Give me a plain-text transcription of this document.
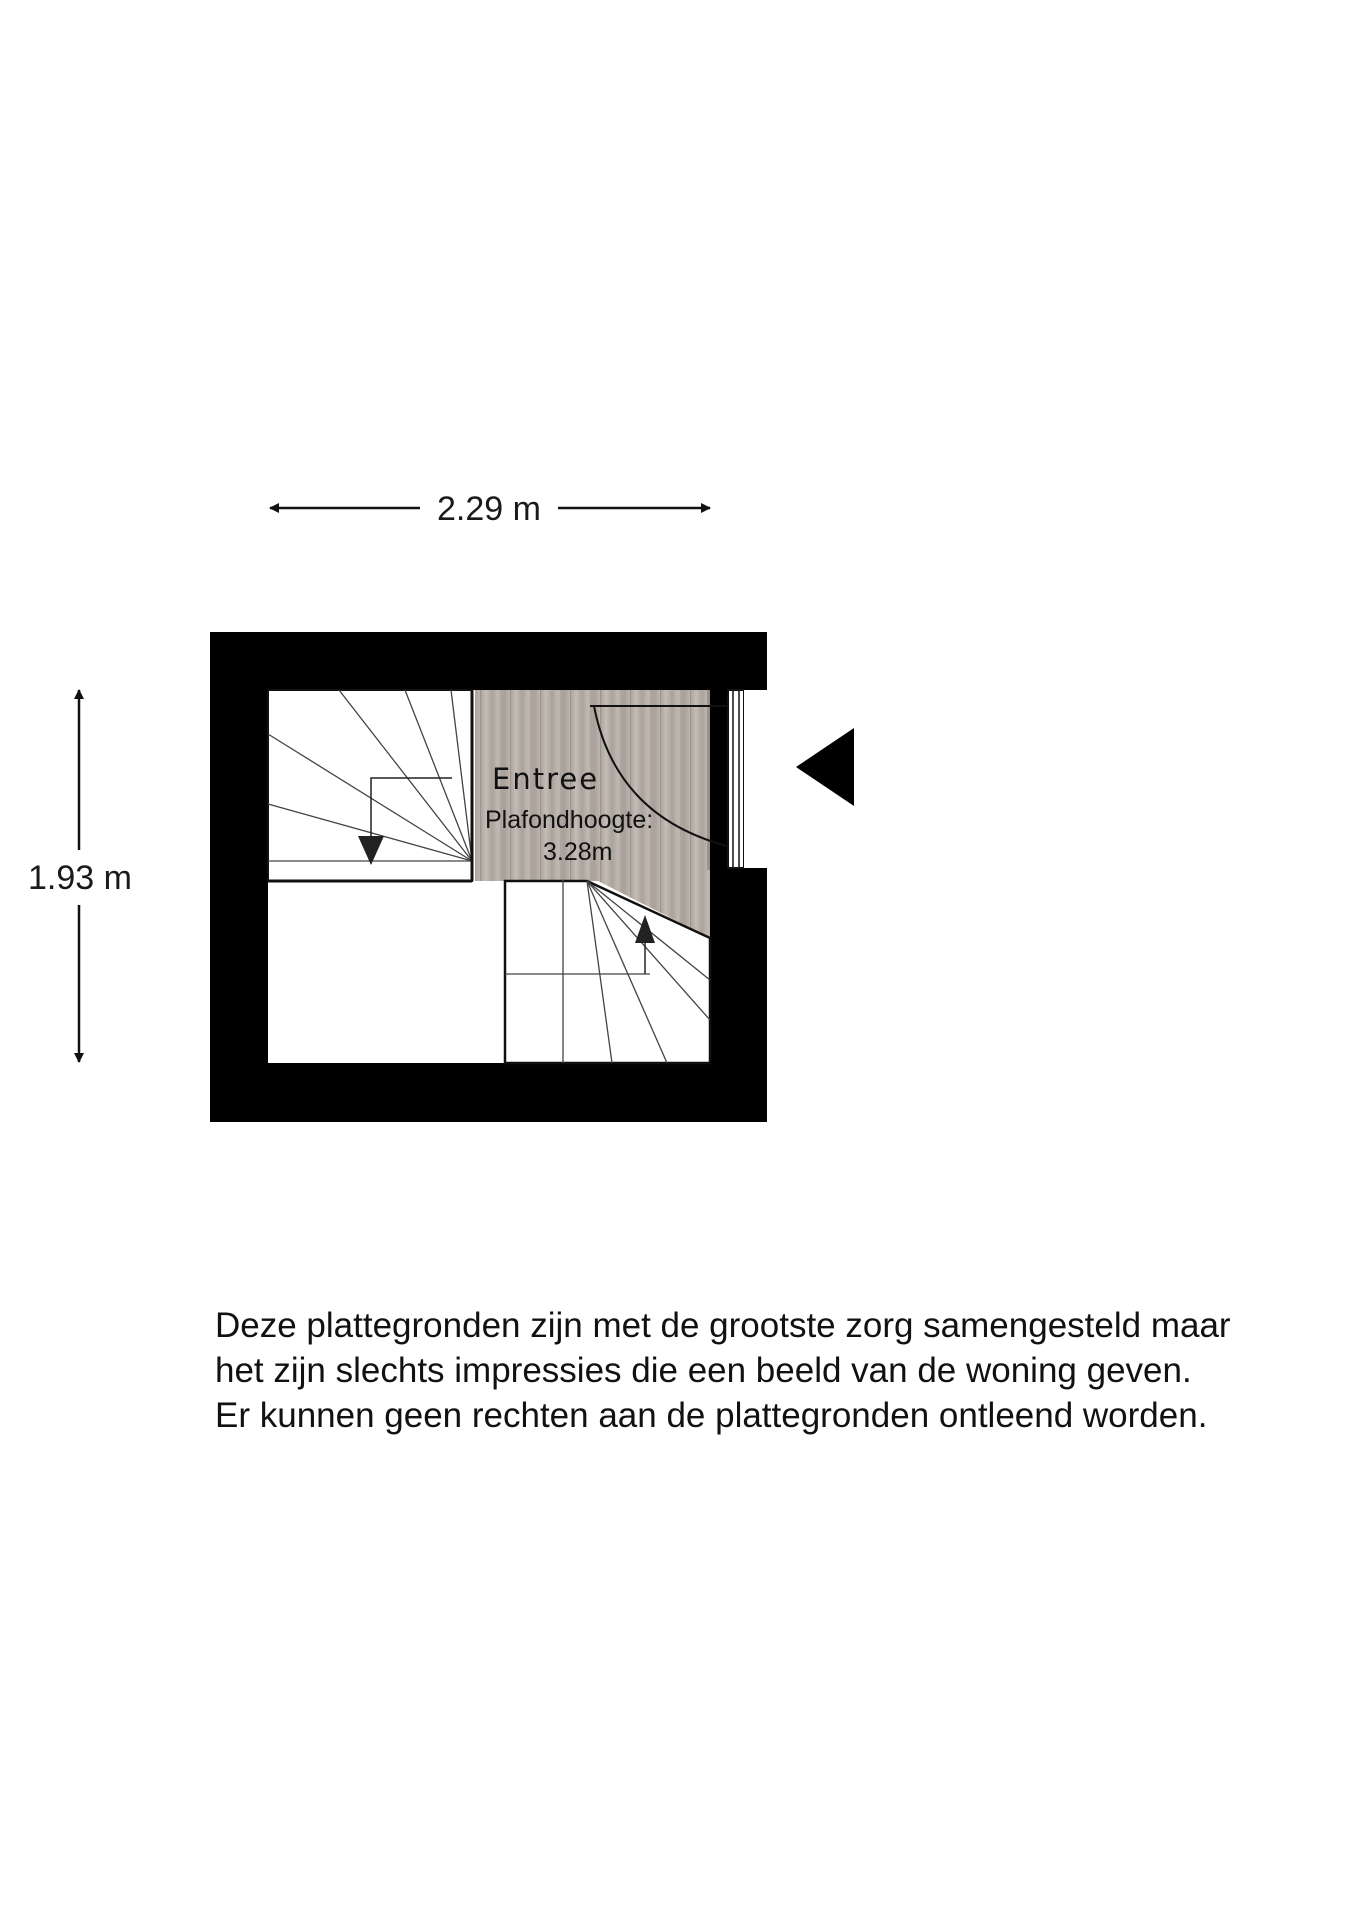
2.29 m
1.93 m
Entree
Plafondhoogte:
3.28m

Deze plattegronden zijn met de grootste zorg samengesteld maar
het zijn slechts impressies die een beeld van de woning geven.
Er kunnen geen rechten aan de plattegronden ontleend worden.
